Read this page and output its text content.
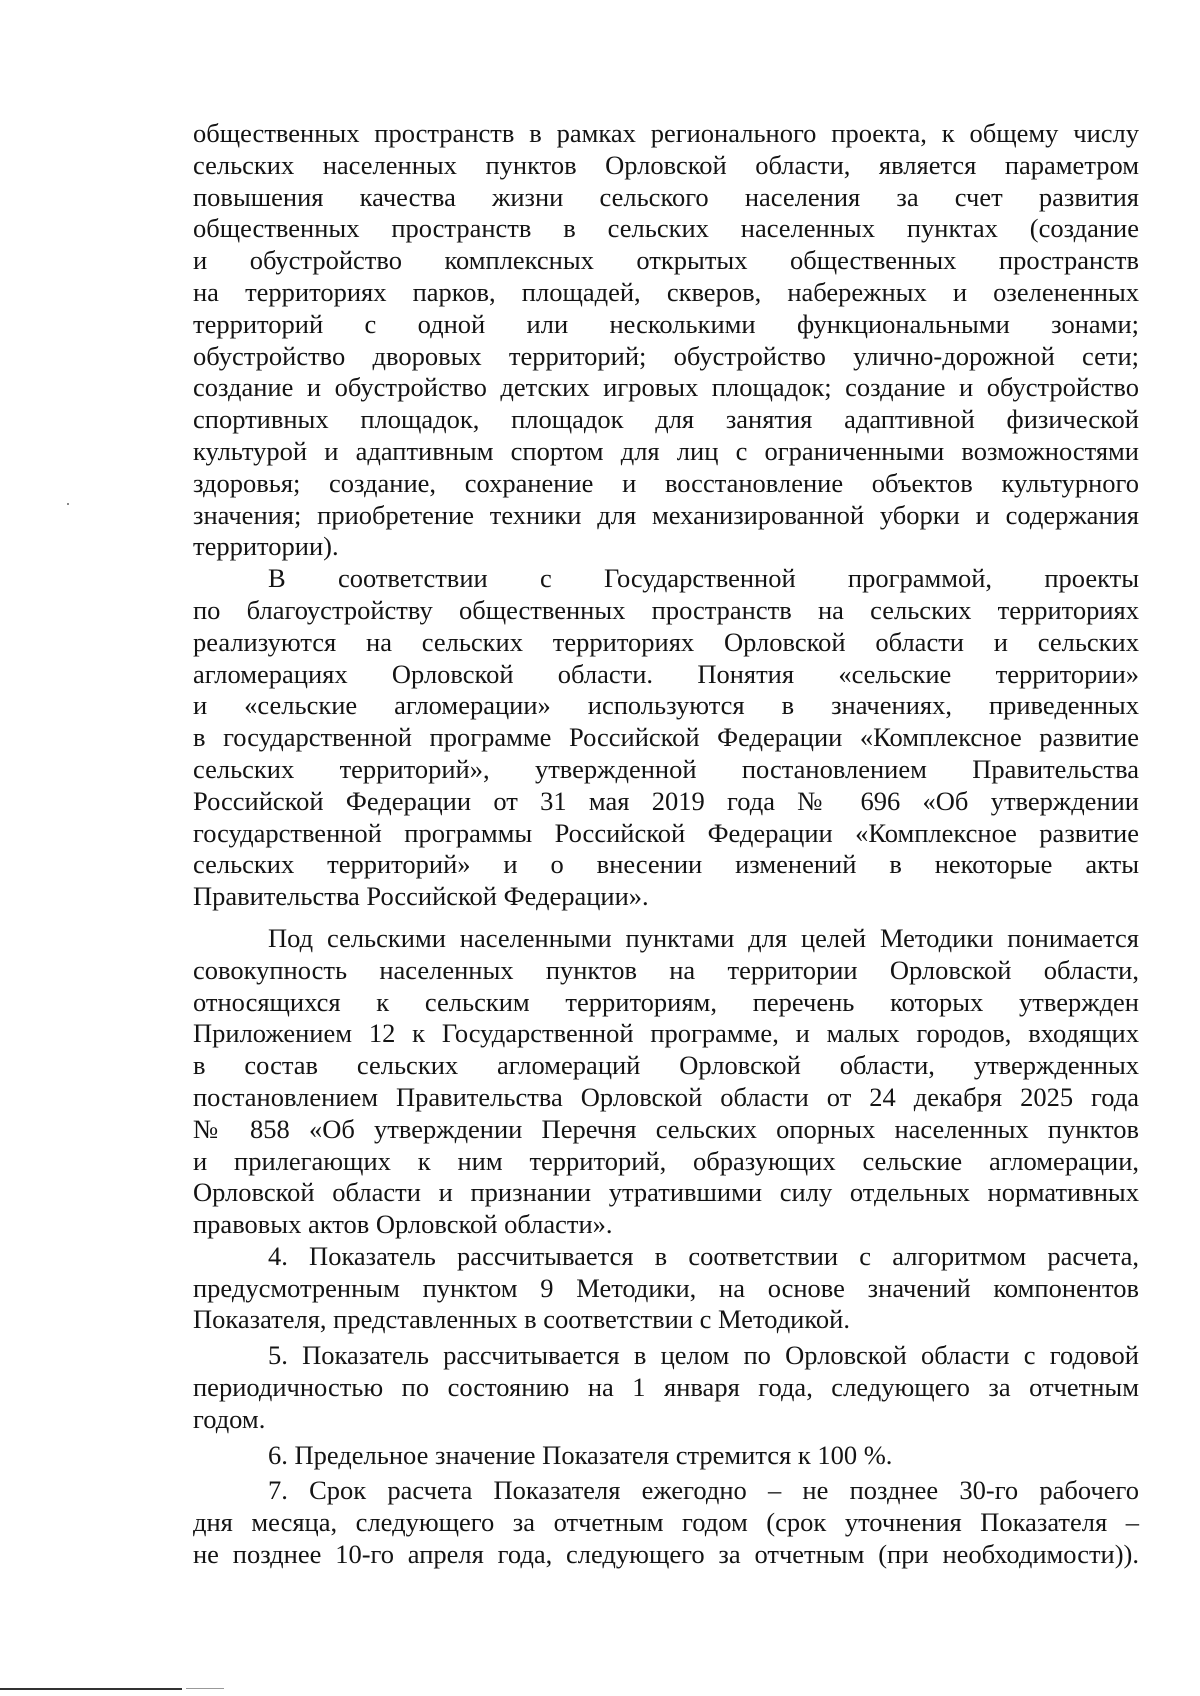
общественных пространств в рамках регионального проекта, к общему числу
сельских населенных пунктов Орловской области, является параметром
повышения качества жизни сельского населения за счет развития
общественных пространств в сельских населенных пунктах (создание
и обустройство комплексных открытых общественных пространств
на территориях парков, площадей, скверов, набережных и озелененных
территорий с одной или несколькими функциональными зонами;
обустройство дворовых территорий; обустройство улично-дорожной сети;
создание и обустройство детских игровых площадок; создание и обустройство
спортивных площадок, площадок для занятия адаптивной физической
культурой и адаптивным спортом для лиц с ограниченными возможностями
здоровья; создание, сохранение и восстановление объектов культурного
значения; приобретение техники для механизированной уборки и содержания
территории).
В соответствии с Государственной программой, проекты
по благоустройству общественных пространств на сельских территориях
реализуются на сельских территориях Орловской области и сельских
агломерациях Орловской области. Понятия «сельские территории»
и «сельские агломерации» используются в значениях, приведенных
в государственной программе Российской Федерации «Комплексное развитие
сельских территорий», утвержденной постановлением Правительства
Российской Федерации от 31 мая 2019 года № 696 «Об утверждении
государственной программы Российской Федерации «Комплексное развитие
сельских территорий» и о внесении изменений в некоторые акты
Правительства Российской Федерации».
Под сельскими населенными пунктами для целей Методики понимается
совокупность населенных пунктов на территории Орловской области,
относящихся к сельским территориям, перечень которых утвержден
Приложением 12 к Государственной программе, и малых городов, входящих
в состав сельских агломераций Орловской области, утвержденных
постановлением Правительства Орловской области от 24 декабря 2025 года
№ 858 «Об утверждении Перечня сельских опорных населенных пунктов
и прилегающих к ним территорий, образующих сельские агломерации,
Орловской области и признании утратившими силу отдельных нормативных
правовых актов Орловской области».
4. Показатель рассчитывается в соответствии с алгоритмом расчета,
предусмотренным пунктом 9 Методики, на основе значений компонентов
Показателя, представленных в соответствии с Методикой.
5. Показатель рассчитывается в целом по Орловской области с годовой
периодичностью по состоянию на 1 января года, следующего за отчетным
годом.
6. Предельное значение Показателя стремится к 100 %.
7. Срок расчета Показателя ежегодно – не позднее 30-го рабочего
дня месяца, следующего за отчетным годом (срок уточнения Показателя –
не позднее 10-го апреля года, следующего за отчетным (при необходимости)).
